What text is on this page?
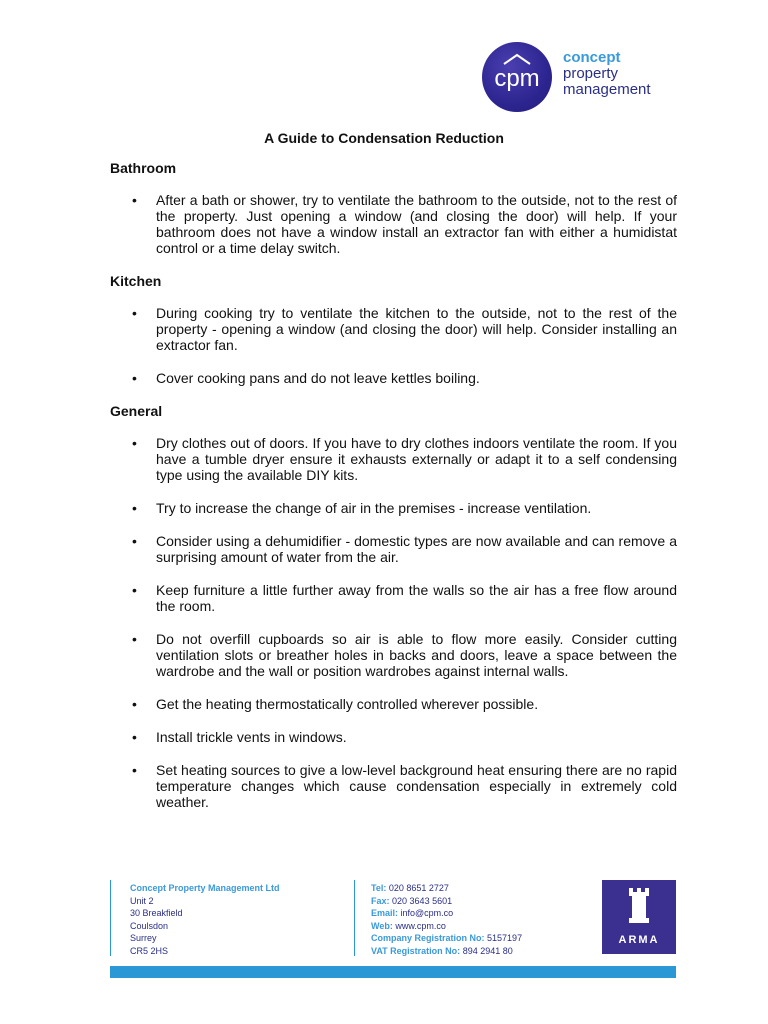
cpm
concept
property
management
A Guide to Condensation Reduction
Bathroom
• After a bath or shower, try to ventilate the bathroom to the outside, not to the rest of the property. Just opening a window (and closing the door) will help. If your bathroom does not have a window install an extractor fan with either a humidistat control or a time delay switch.
Kitchen
• During cooking try to ventilate the kitchen to the outside, not to the rest of the property - opening a window (and closing the door) will help. Consider installing an extractor fan.
• Cover cooking pans and do not leave kettles boiling.
General
• Dry clothes out of doors. If you have to dry clothes indoors ventilate the room. If you have a tumble dryer ensure it exhausts externally or adapt it to a self condensing type using the available DIY kits.
• Try to increase the change of air in the premises - increase ventilation.
• Consider using a dehumidifier - domestic types are now available and can remove a surprising amount of water from the air.
• Keep furniture a little further away from the walls so the air has a free flow around the room.
• Do not overfill cupboards so air is able to flow more easily. Consider cutting ventilation slots or breather holes in backs and doors, leave a space between the wardrobe and the wall or position wardrobes against internal walls.
• Get the heating thermostatically controlled wherever possible.
• Install trickle vents in windows.
• Set heating sources to give a low-level background heat ensuring there are no rapid temperature changes which cause condensation especially in extremely cold weather.
Concept Property Management Ltd
Unit 2
30 Breakfield
Coulsdon
Surrey
CR5 2HS
Tel: 020 8651 2727
Fax: 020 3643 5601
Email: info@cpm.co
Web: www.cpm.co
Company Registration No: 5157197
VAT Registration No: 894 2941 80
ARMA
